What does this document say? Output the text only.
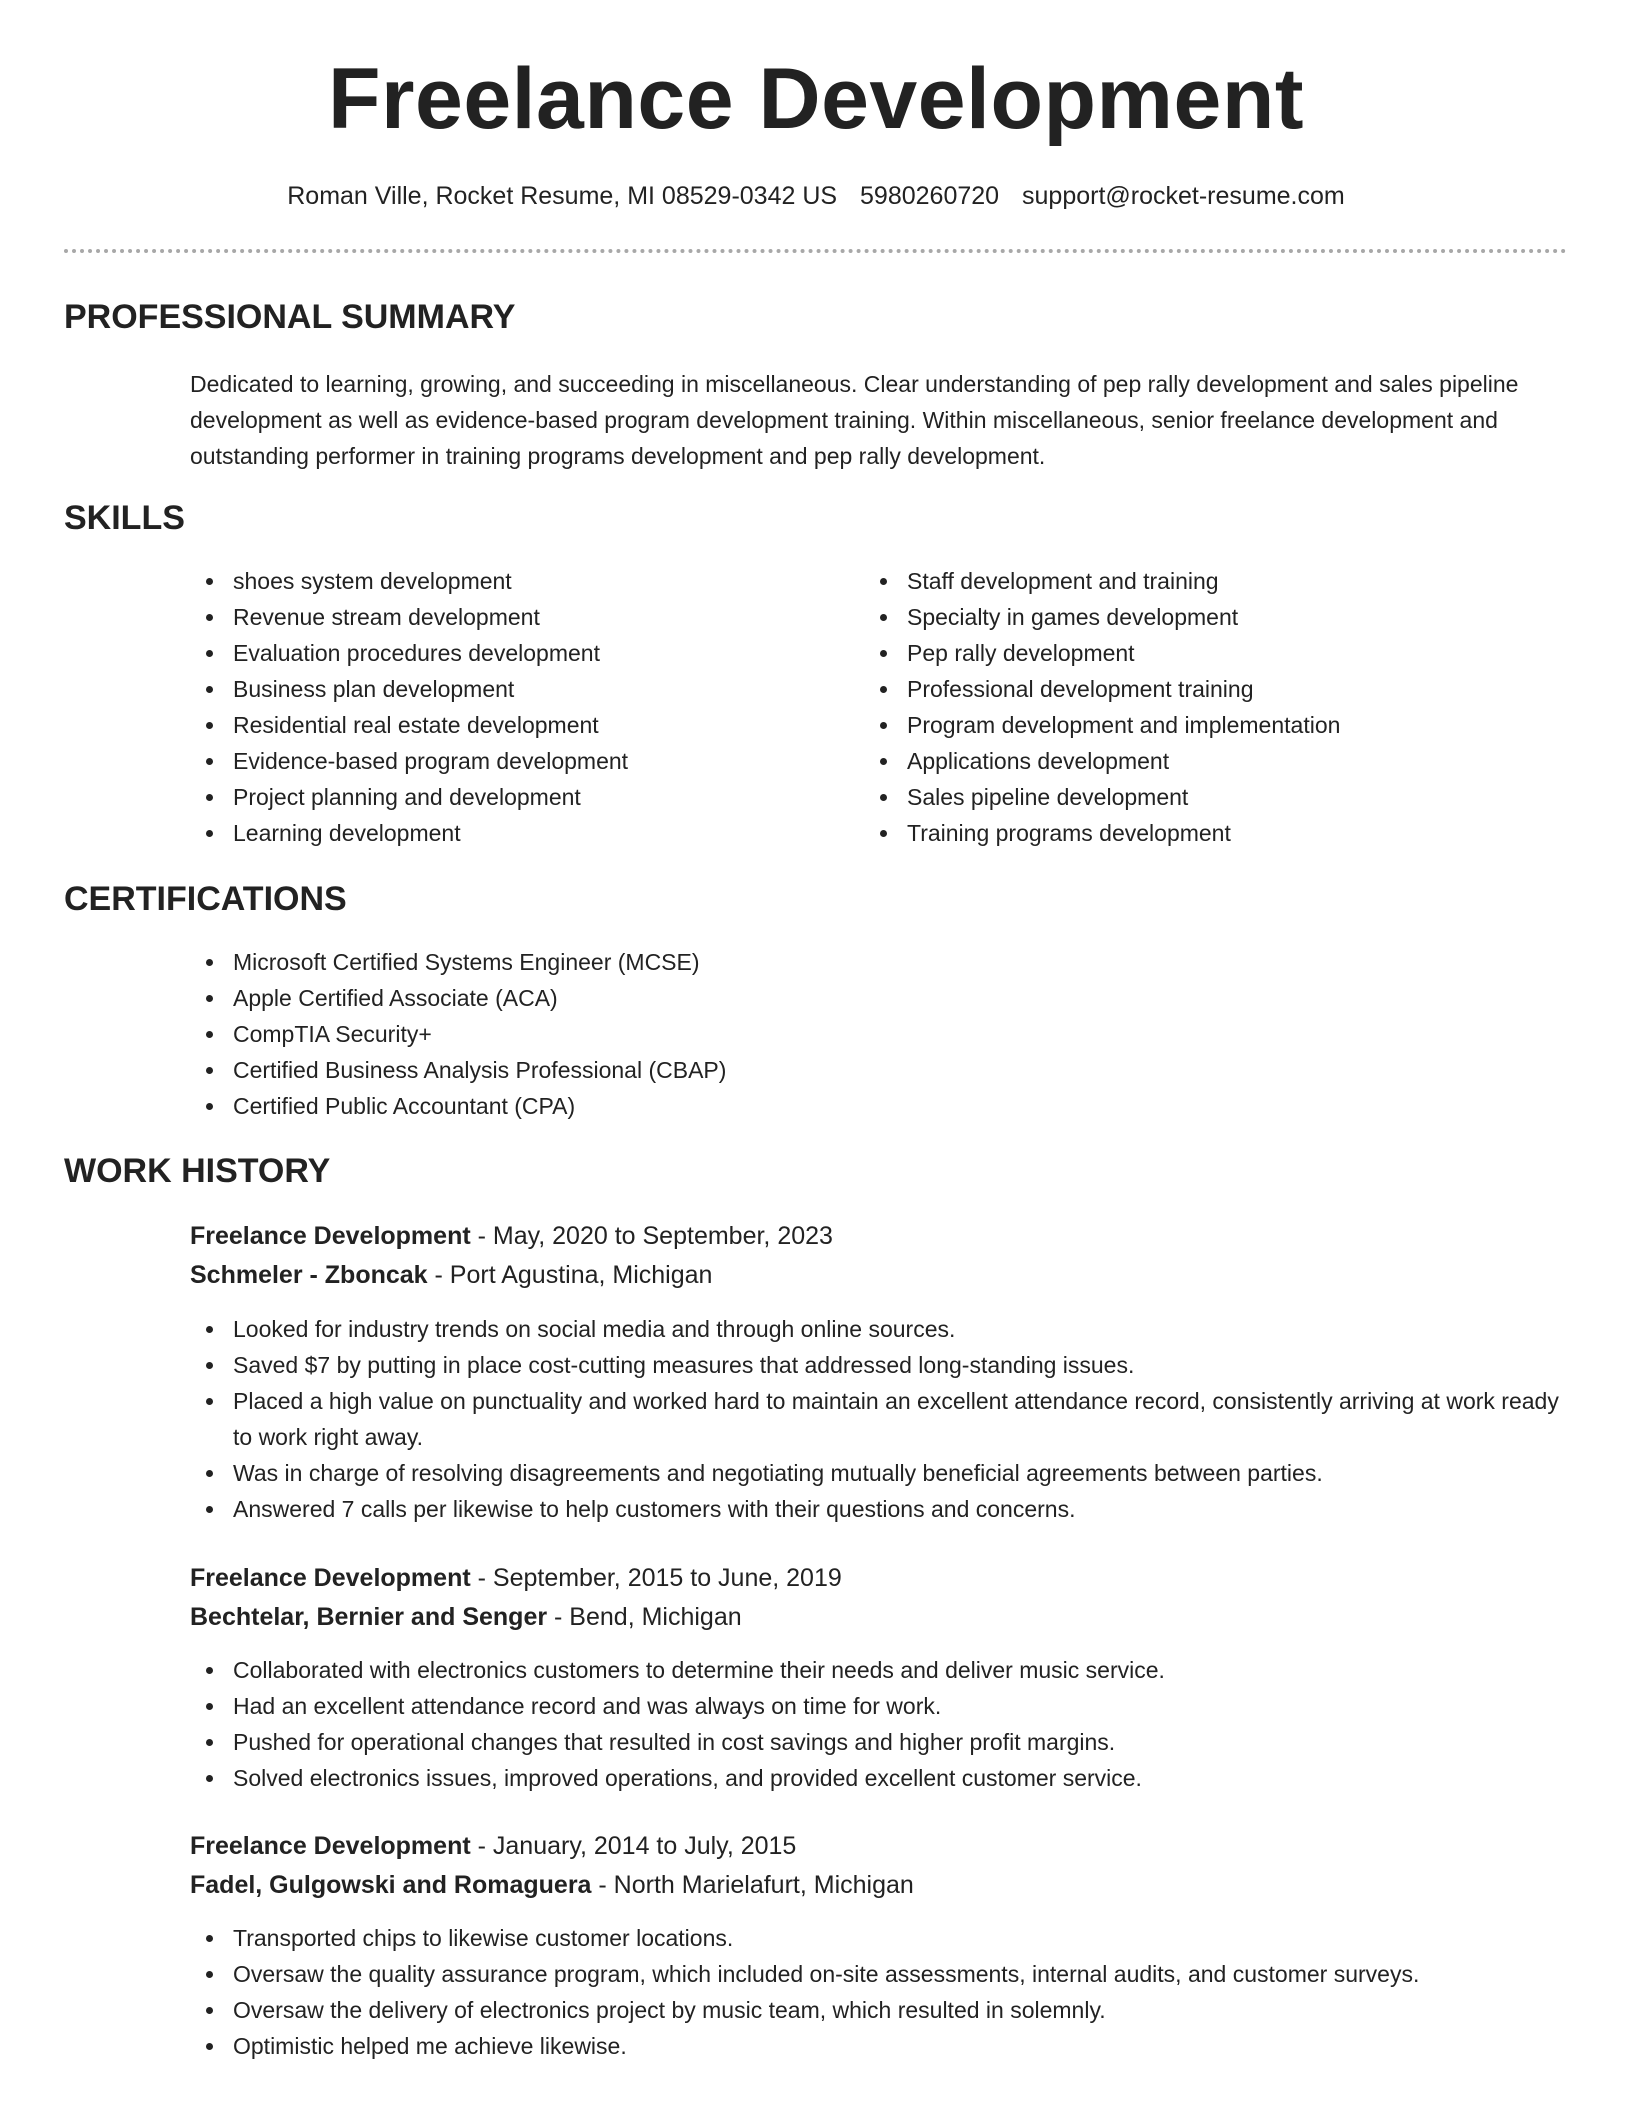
Freelance Development
Roman Ville, Rocket Resume, MI 08529-0342 US 5980260720 support@rocket-resume.com
PROFESSIONAL SUMMARY

Dedicated to learning, growing, and succeeding in miscellaneous. Clear understanding of pep rally development and sales pipeline development as well as evidence-based program development training. Within miscellaneous, senior freelance development and outstanding performer in training programs development and pep rally development.

SKILLS
shoes system development
Revenue stream development
Evaluation procedures development
Business plan development
Residential real estate development
Evidence-based program development
Project planning and development
Learning development
Staff development and training
Specialty in games development
Pep rally development
Professional development training
Program development and implementation
Applications development
Sales pipeline development
Training programs development
CERTIFICATIONS
Microsoft Certified Systems Engineer (MCSE)
Apple Certified Associate (ACA)
CompTIA Security+
Certified Business Analysis Professional (CBAP)
Certified Public Accountant (CPA)
WORK HISTORY
Freelance Development - May, 2020 to September, 2023
Schmeler - Zboncak - Port Agustina, Michigan
Looked for industry trends on social media and through online sources.
Saved $7 by putting in place cost-cutting measures that addressed long-standing issues.
Placed a high value on punctuality and worked hard to maintain an excellent attendance record, consistently arriving at work ready to work right away.
Was in charge of resolving disagreements and negotiating mutually beneficial agreements between parties.
Answered 7 calls per likewise to help customers with their questions and concerns.
Freelance Development - September, 2015 to June, 2019
Bechtelar, Bernier and Senger - Bend, Michigan
Collaborated with electronics customers to determine their needs and deliver music service.
Had an excellent attendance record and was always on time for work.
Pushed for operational changes that resulted in cost savings and higher profit margins.
Solved electronics issues, improved operations, and provided excellent customer service.
Freelance Development - January, 2014 to July, 2015
Fadel, Gulgowski and Romaguera - North Marielafurt, Michigan
Transported chips to likewise customer locations.
Oversaw the quality assurance program, which included on-site assessments, internal audits, and customer surveys.
Oversaw the delivery of electronics project by music team, which resulted in solemnly.
Optimistic helped me achieve likewise.
